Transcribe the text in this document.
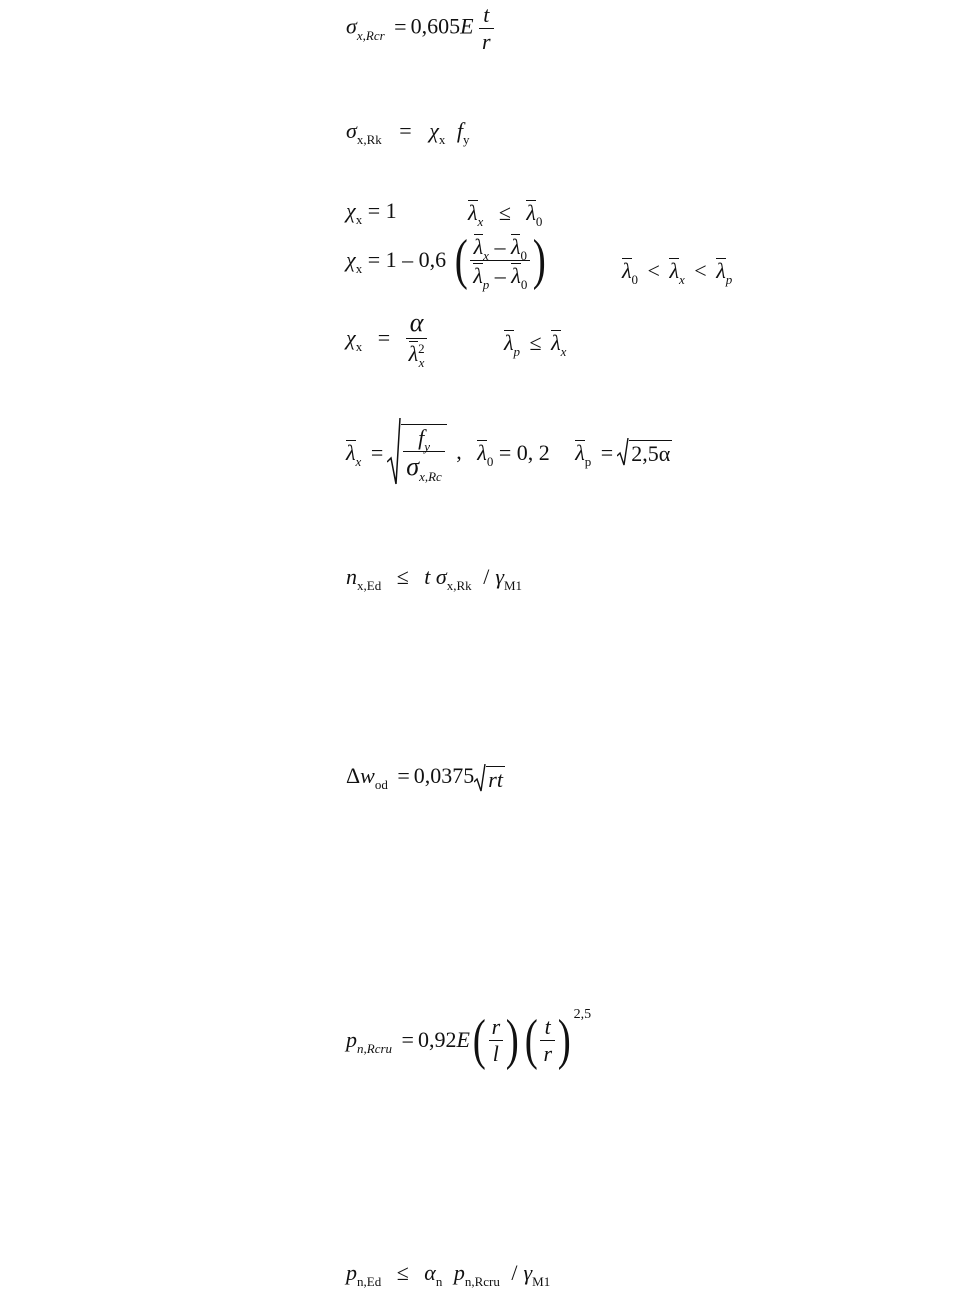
$\sigma_{x,Rcr} = 0,605E \frac{t}{r}$
$\sigma_{x,Rk} = \chi_x$ $f_y$
$\chi_x = 1$	$\lambda_x \le \lambda_0$
$\chi_x = 1 - 0,6$ ( $\frac{\lambda_x - \lambda_0}{\lambda_p - \lambda_0}$ )	$\lambda_0 < \lambda_x < \lambda_p$
$\chi_x = \frac{\alpha}{\lambda^2_x}$	$\lambda_p \le \lambda_x$
$\lambda_x = \frac{f_y}{\sigma_{x,Rc}}$ , $\lambda_0 = 0$, 2 $\lambda_p = 2,5\alpha$
$n_{x,Ed} \le t$ $\sigma_{x,Rk} / \gamma_{M1}$
$\Delta w_{od} = 0,0375$ rt
$p_{n,Rcru} = 0,92E( \frac{r}{l}$ )( $\frac{t}{r}$ ) $^{2,5}$
$p_{n,Ed} \le \alpha_n$ $p_{n,Rcru} / \gamma_{M1}$
